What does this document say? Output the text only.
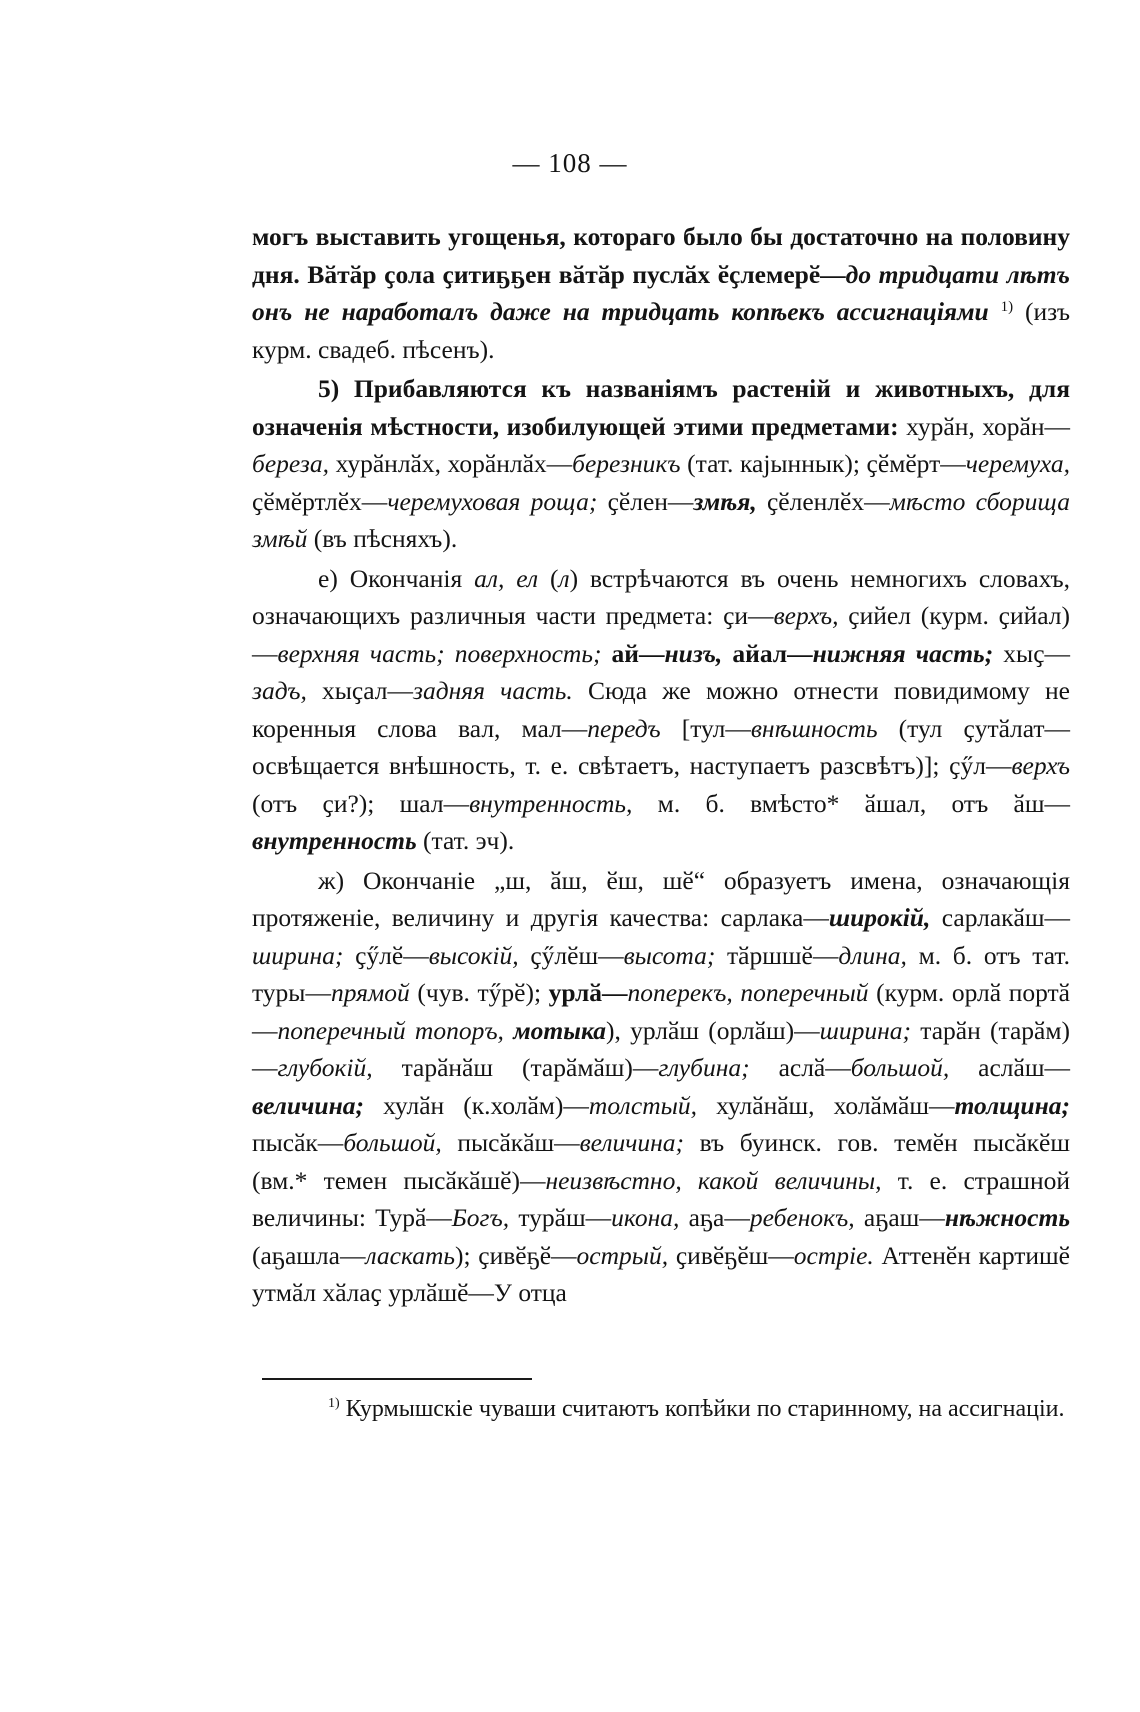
— 108 —

могъ выставить угощенья, котораго было бы достаточно на половину дня. Вӑтӑр ҫола ҫитиҕҕен вӑтӑр пуслӑх ӗҫлемерӗ—до тридцати лѣтъ онъ не наработалъ даже на тридцать копѣекъ ассигнаціями $^{1)}$ (изъ курм. свадеб. пѣсенъ).

5) Прибавляются къ названіямъ растеній и животныхъ, для означенія мѣстности, изобилующей этими предметами: хурӑн, хорӑн—береза, хурӑнлӑх, хорӑнлӑх—березникъ (тат. каjыннык); ҫӗмӗрт—черемуха, ҫӗмӗртлӗх—черемуховая роща; ҫӗлен—змѣя, ҫӗленлӗх—мѣсто сборища змѣй (въ пѣсняхъ).

е) Окончанія ал, ел (л) встрѣчаются въ очень немногихъ словахъ, означающихъ различныя части предмета: ҫи—верхъ, ҫийел (курм. ҫийал)—верхняя часть; поверхность; ай—низъ, айал—нижняя часть; хыҫ—задъ, хыҫал—задняя часть. Сюда же можно отнести повидимому не коренныя слова вал, мал—передъ [тул—внѣшность (тул ҫутӑлат—освѣщается внѣшность, т. е. свѣтаетъ, наступаетъ разсвѣтъ)]; ҫӳл—верхъ (отъ ҫи?); шал—внутренность, м. б. вмѣсто* ӑшал, отъ ӑш—внутренность (тат. эч).

ж) Окончаніе „ш, ӑш, ӗш, шӗ“ образуетъ имена, означающія протяженіе, величину и другія качества: сарлака—широкій, сарлакӑш—ширина; ҫӳлӗ—высокій, ҫӳлӗш—высота; тӑршшӗ—длина, м. б. отъ тат. туры—прямой (чув. тӳрӗ); урлӑ—поперекъ, поперечный (курм. орлӑ портӑ—поперечный топоръ, мотыка), урлӑш (орлӑш)—ширина; тарӑн (тарӑм)—глубокій, тарӑнӑш (тарӑмӑш)—глубина; аслӑ—большой, аслӑш—величина; хулӑн (к.холӑм)—толстый, хулӑнӑш, холӑмӑш—толщина; пысӑк—большой, пысӑкӑш—величина; въ буинск. гов. темӗн пысӑкӗш (вм.* темен пысӑкӑшӗ)—неизвѣстно, какой величины, т. е. страшной величины: Турӑ—Богъ, турӑш—икона, аҕа—ребенокъ, аҕаш—нѣжность (аҕашла—ласкать); ҫивӗҕӗ—острый, ҫивӗҕӗш—остріе. Аттенӗн картишӗ утмӑл хӑлаҫ урлӑшӗ—У отца

$^{1)}$ Курмышскіе чуваши считаютъ копѣйки по старинному, на ассигнаціи.
